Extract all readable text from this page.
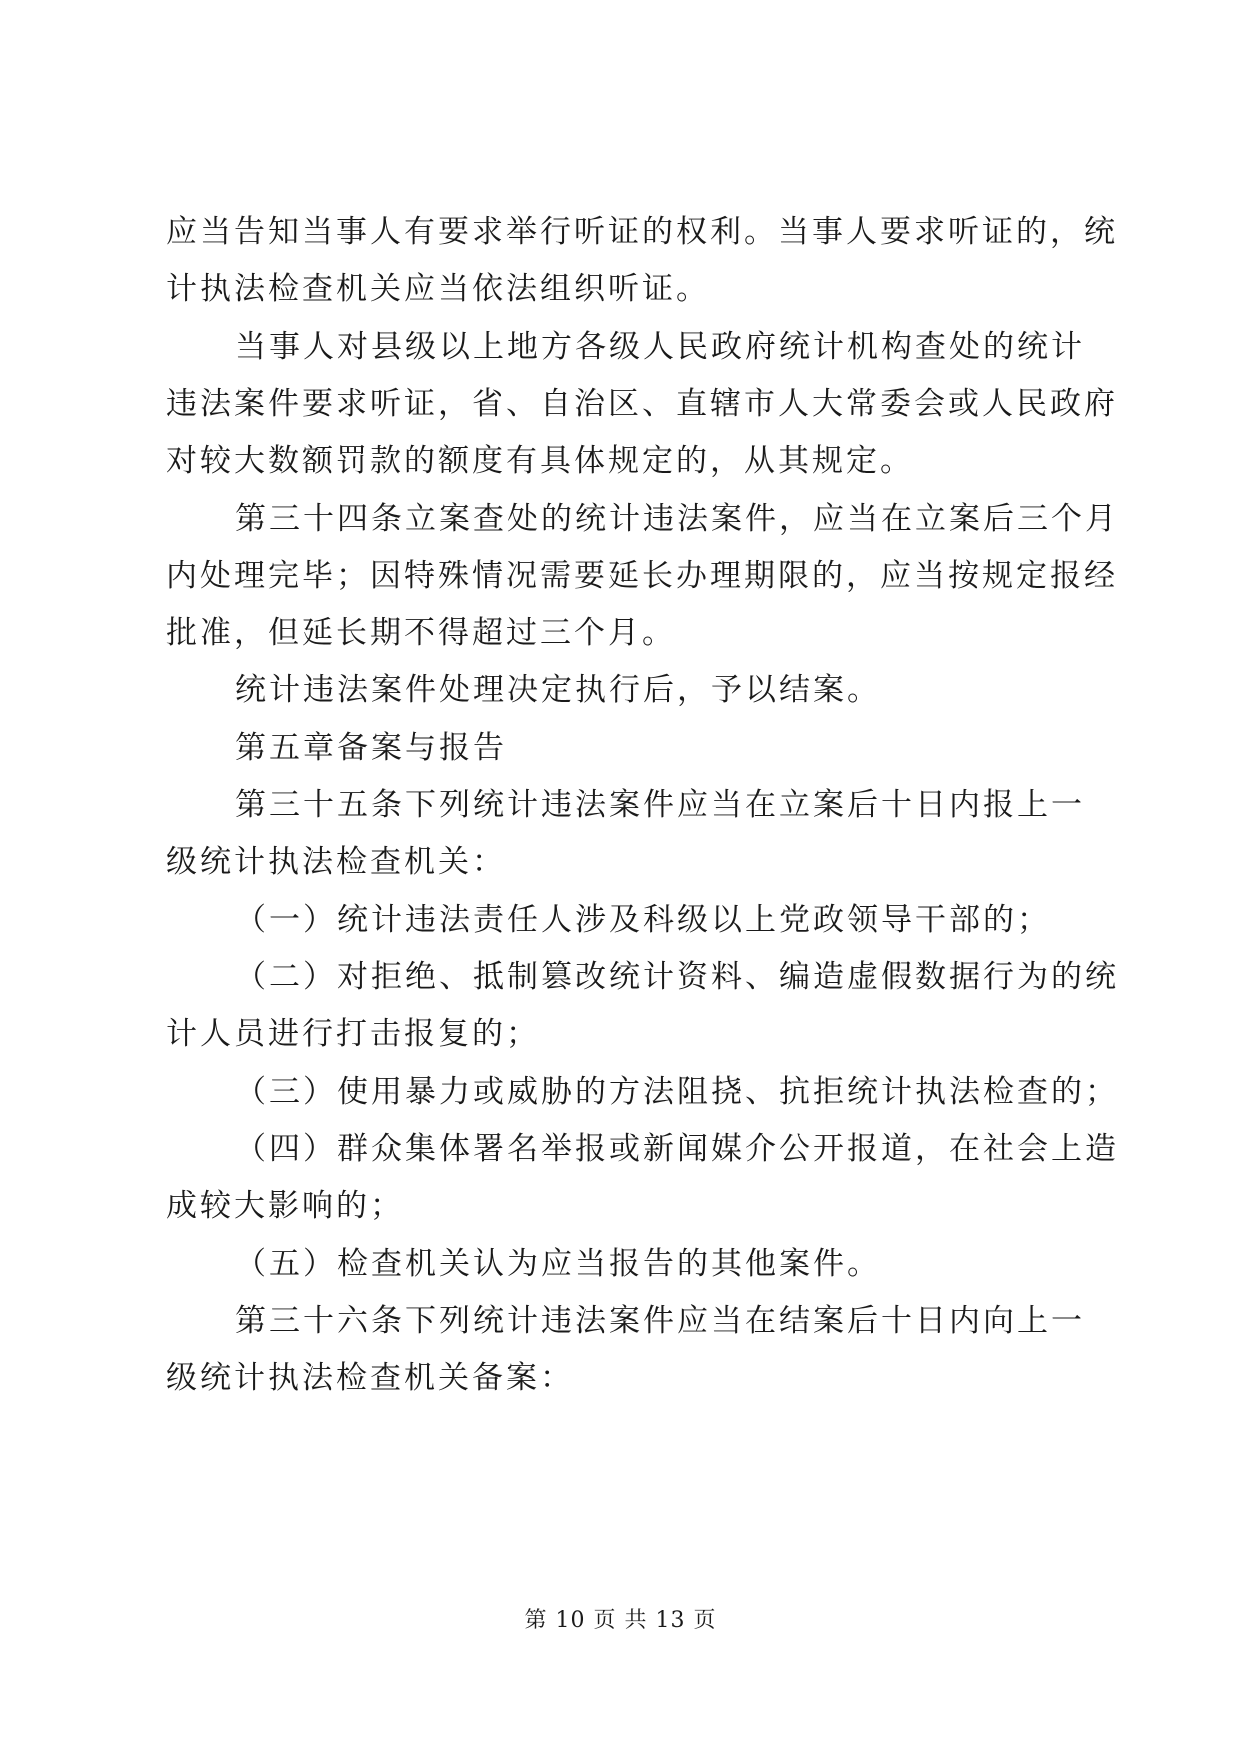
应当告知当事人有要求举行听证的权利。当事人要求听证的，统
计执法检查机关应当依法组织听证。
当事人对县级以上地方各级人民政府统计机构查处的统计
违法案件要求听证，省、自治区、直辖市人大常委会或人民政府
对较大数额罚款的额度有具体规定的，从其规定。
第三十四条立案查处的统计违法案件，应当在立案后三个月
内处理完毕；因特殊情况需要延长办理期限的，应当按规定报经
批准，但延长期不得超过三个月。
统计违法案件处理决定执行后，予以结案。
第五章备案与报告
第三十五条下列统计违法案件应当在立案后十日内报上一
级统计执法检查机关：
（一）统计违法责任人涉及科级以上党政领导干部的；
（二）对拒绝、抵制篡改统计资料、编造虚假数据行为的统
计人员进行打击报复的；
（三）使用暴力或威胁的方法阻挠、抗拒统计执法检查的；
（四）群众集体署名举报或新闻媒介公开报道，在社会上造
成较大影响的；
（五）检查机关认为应当报告的其他案件。
第三十六条下列统计违法案件应当在结案后十日内向上一
级统计执法检查机关备案：
第 10 页 共 13 页
